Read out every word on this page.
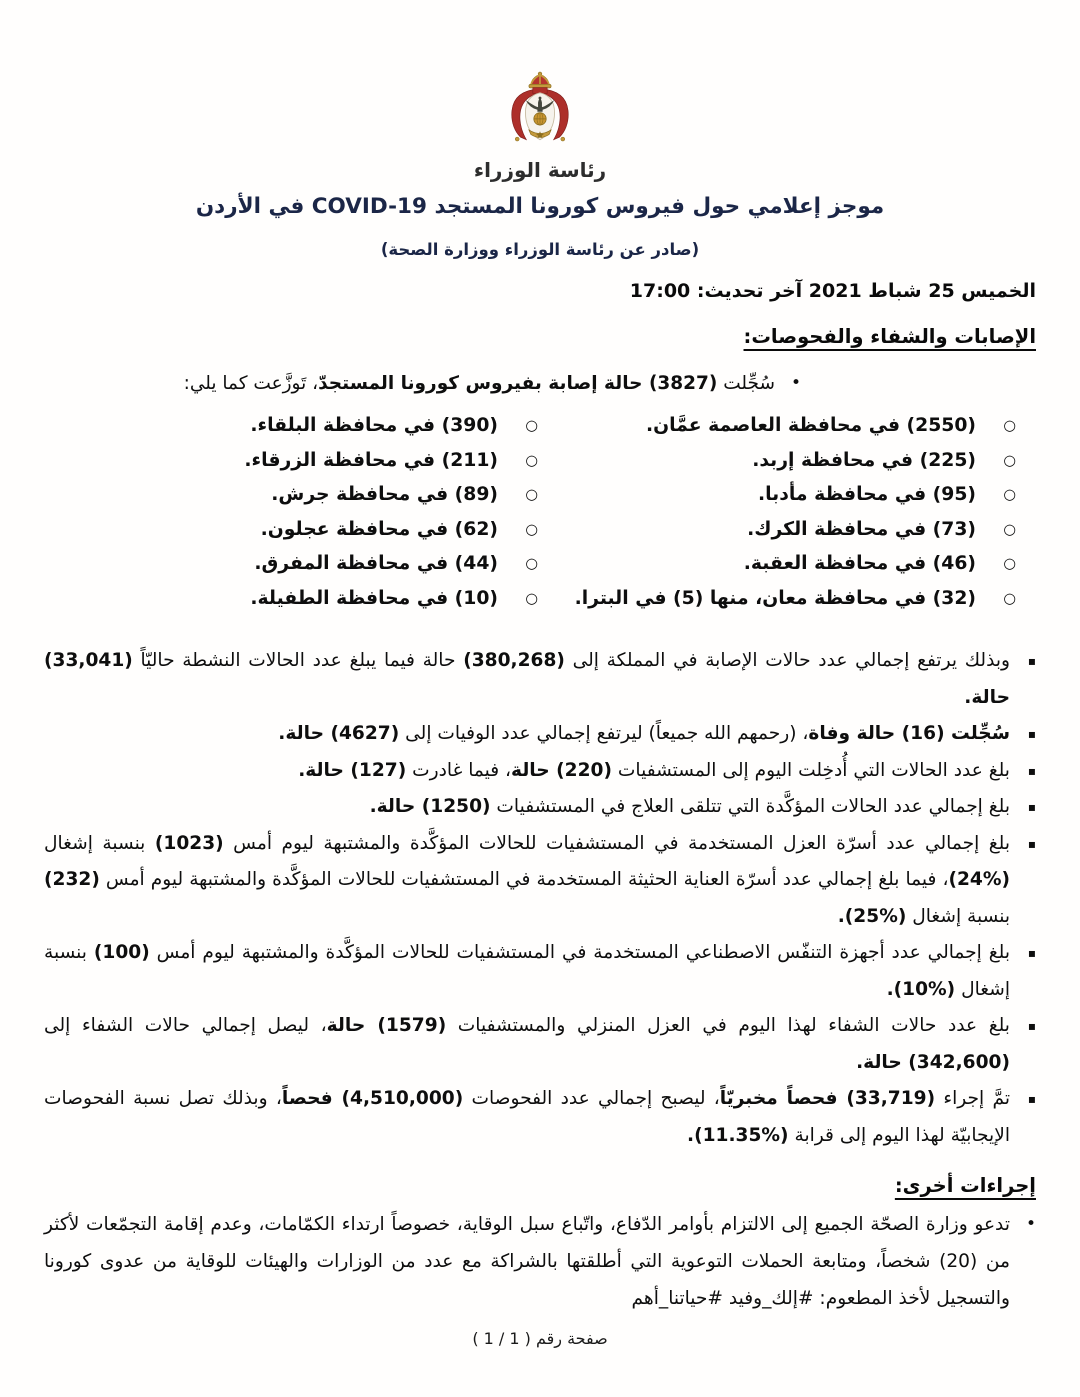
رئاسة الوزراء
موجز إعلامي حول فيروس كورونا المستجد COVID-19 في الأردن
(صادر عن رئاسة الوزراء ووزارة الصحة)
الخميس 25 شباط 2021 آخر تحديث: 17:00
الإصابات والشفاء والفحوصات:
•
سُجِّلت (3827) حالة إصابة بفيروس كورونا المستجدّ، تَوزَّعت كما يلي:
○
(2550) في محافظة العاصمة عمَّان.
○
(225) في محافظة إربد.
○
(95) في محافظة مأدبا.
○
(73) في محافظة الكرك.
○
(46) في محافظة العقبة.
○
(32) في محافظة معان، منها (5) في البترا.
○
(390) في محافظة البلقاء.
○
(211) في محافظة الزرقاء.
○
(89) في محافظة جرش.
○
(62) في محافظة عجلون.
○
(44) في محافظة المفرق.
○
(10) في محافظة الطفيلة.
▪

وبذلك يرتفع إجمالي عدد حالات الإصابة في المملكة إلى (380,268) حالة فيما يبلغ عدد الحالات النشطة حاليّاً (33,041) حالة.

▪

سُجِّلت (16) حالة وفاة، (رحمهم الله جميعاً) ليرتفع إجمالي عدد الوفيات إلى (4627) حالة.

▪

بلغ عدد الحالات التي أُدخِلت اليوم إلى المستشفيات (220) حالة، فيما غادرت (127) حالة.

▪

بلغ إجمالي عدد الحالات المؤكَّدة التي تتلقى العلاج في المستشفيات (1250) حالة.

▪

بلغ إجمالي عدد أسرّة العزل المستخدمة في المستشفيات للحالات المؤكَّدة والمشتبهة ليوم أمس (1023) بنسبة إشغال (%24)، فيما بلغ إجمالي عدد أسرّة العناية الحثيثة المستخدمة في المستشفيات للحالات المؤكَّدة والمشتبهة ليوم أمس (232) بنسبة إشغال (%25).

▪

بلغ إجمالي عدد أجهزة التنفّس الاصطناعي المستخدمة في المستشفيات للحالات المؤكَّدة والمشتبهة ليوم أمس (100) بنسبة إشغال (%10).

▪

بلغ عدد حالات الشفاء لهذا اليوم في العزل المنزلي والمستشفيات (1579) حالة، ليصل إجمالي حالات الشفاء إلى (342,600) حالة.

▪

تمَّ إجراء (33,719) فحصاً مخبريّاً، ليصبح إجمالي عدد الفحوصات (4,510,000) فحصاً، وبذلك تصل نسبة الفحوصات الإيجابيّة لهذا اليوم إلى قرابة (%11.35).

إجراءات أخرى:
•

تدعو وزارة الصحّة الجميع إلى الالتزام بأوامر الدّفاع، واتّباع سبل الوقاية، خصوصاً ارتداء الكمّامات، وعدم إقامة التجمّعات لأكثر من (20) شخصاً، ومتابعة الحملات التوعوية التي أطلقتها بالشراكة مع عدد من الوزارات والهيئات للوقاية من عدوى كورونا والتسجيل لأخذ المطعوم: #إلك_وفيد #حياتنا_أهم

صفحة رقم ( 1 / 1 )
